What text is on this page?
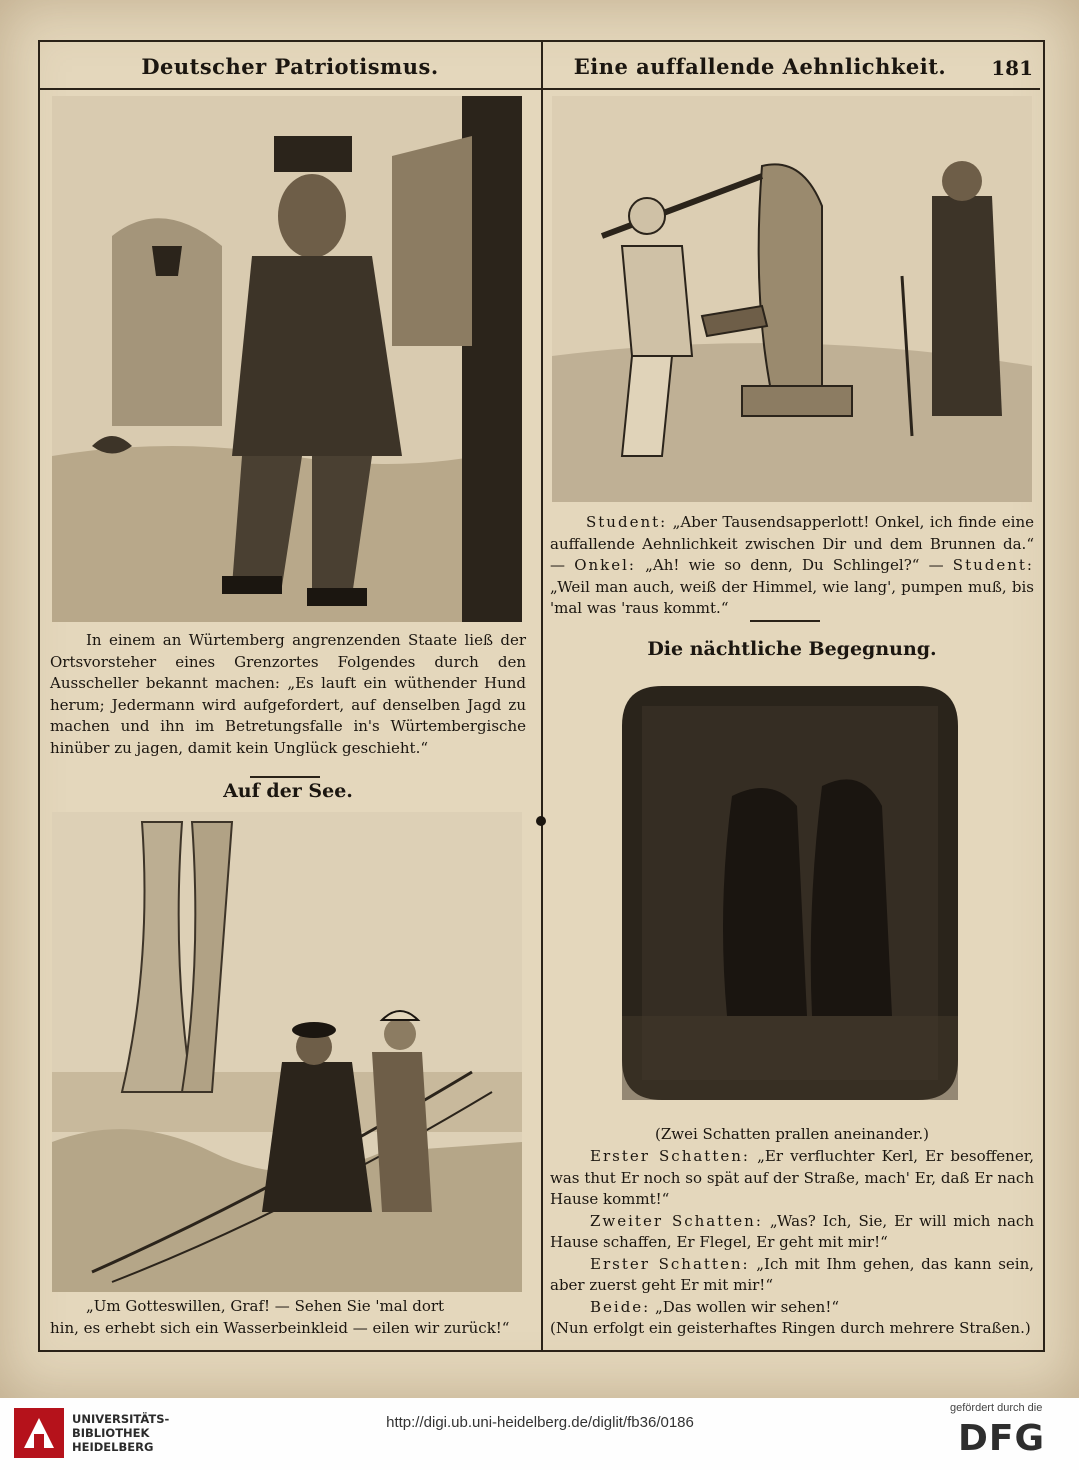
Deutscher Patriotismus.	Eine auffallende Aehnlichkeit.	181
In einem an Würtemberg angrenzenden Staate ließ der Ortsvorsteher eines Grenzortes Folgendes durch den Ausscheller bekannt machen: „Es lauft ein wüthender Hund herum; Jedermann wird aufgefordert, auf denselben Jagd zu machen und ihn im Betretungsfalle in's Würtembergische hinüber zu jagen, damit kein Unglück geschieht.“
Auf der See.

„Um Gotteswillen, Graf! — Sehen Sie 'mal dort

hin, es erhebt sich ein Wasserbeinkleid — eilen wir zurück!“

Student: „Aber Tausendsapperlott! Onkel, ich finde eine auffallende Aehnlichkeit zwischen Dir und dem Brunnen da.“ — Onkel: „Ah! wie so denn, Du Schlingel?“ — Student: „Weil man auch, weiß der Himmel, wie lang', pumpen muß, bis 'mal was 'raus kommt.“
Die nächtliche Begegnung.
(Zwei Schatten prallen aneinander.)

Erster Schatten: „Er verfluchter Kerl, Er besoffener, was thut Er noch so spät auf der Straße, mach' Er, daß Er nach Hause kommt!“

Zweiter Schatten: „Was? Ich, Sie, Er will mich nach Hause schaffen, Er Flegel, Er geht mit mir!“

Erster Schatten: „Ich mit Ihm gehen, das kann sein, aber zuerst geht Er mit mir!“

Beide: „Das wollen wir sehen!“

(Nun erfolgt ein geisterhaftes Ringen durch mehrere Straßen.)

UNIVERSITÄTS-
BIBLIOTHEK
HEIDELBERG
http://digi.ub.uni-heidelberg.de/diglit/fb36/0186
gefördert durch die
DFG
